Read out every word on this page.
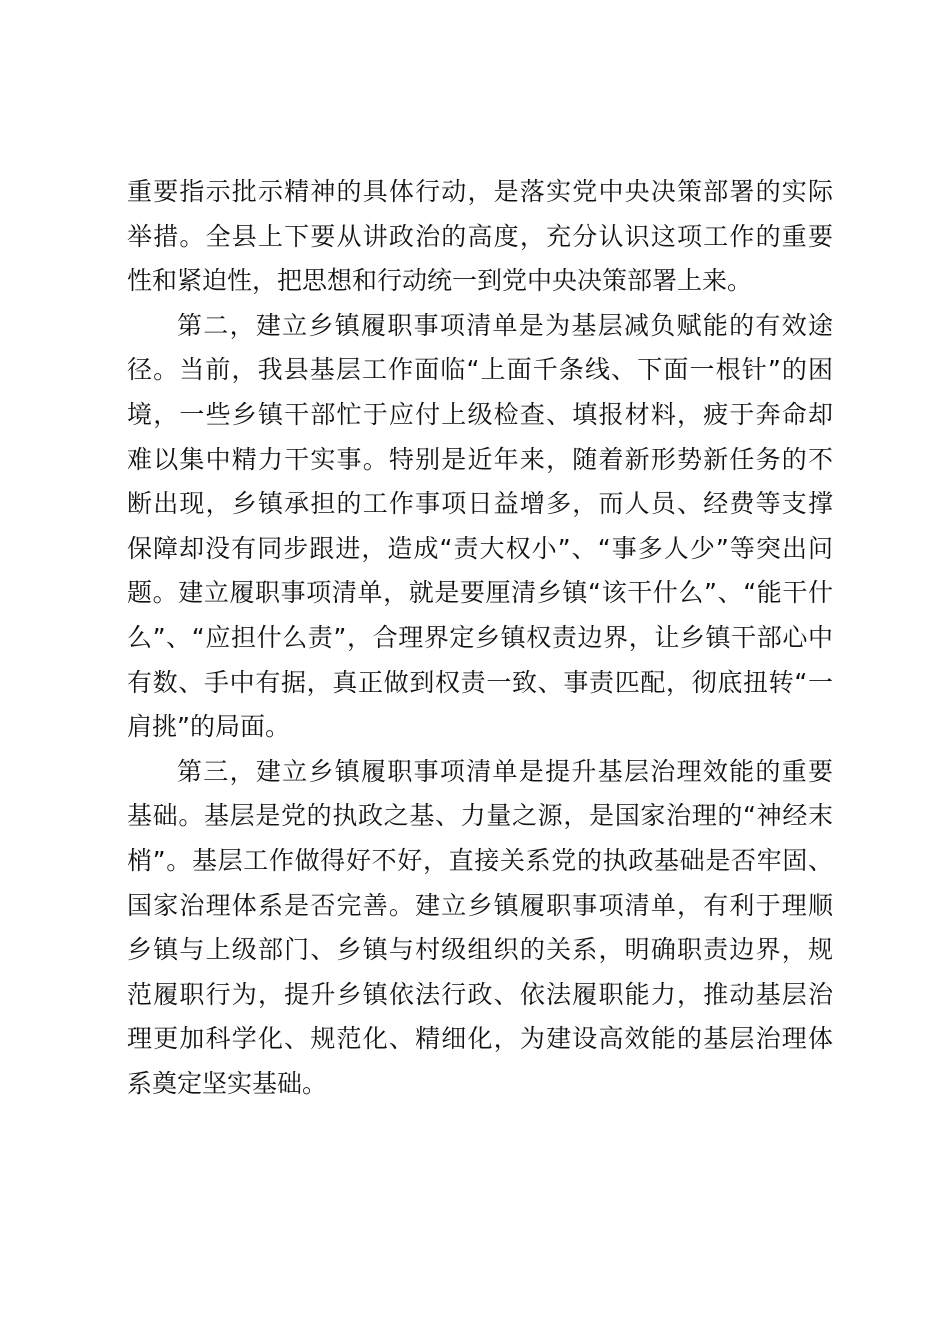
重要指示批示精神的具体行动，是落实党中央决策部署的实际
举措。全县上下要从讲政治的高度，充分认识这项工作的重要
性和紧迫性，把思想和行动统一到党中央决策部署上来。
第二，建立乡镇履职事项清单是为基层减负赋能的有效途
径。当前，我县基层工作面临“上面千条线、下面一根针”的困
境，一些乡镇干部忙于应付上级检查、填报材料，疲于奔命却
难以集中精力干实事。特别是近年来，随着新形势新任务的不
断出现，乡镇承担的工作事项日益增多，而人员、经费等支撑
保障却没有同步跟进，造成“责大权小”、“事多人少”等突出问
题。建立履职事项清单，就是要厘清乡镇“该干什么”、“能干什
么”、“应担什么责”，合理界定乡镇权责边界，让乡镇干部心中
有数、手中有据，真正做到权责一致、事责匹配，彻底扭转“一
肩挑”的局面。
第三，建立乡镇履职事项清单是提升基层治理效能的重要
基础。基层是党的执政之基、力量之源，是国家治理的“神经末
梢”。基层工作做得好不好，直接关系党的执政基础是否牢固、
国家治理体系是否完善。建立乡镇履职事项清单，有利于理顺
乡镇与上级部门、乡镇与村级组织的关系，明确职责边界，规
范履职行为，提升乡镇依法行政、依法履职能力，推动基层治
理更加科学化、规范化、精细化，为建设高效能的基层治理体
系奠定坚实基础。
